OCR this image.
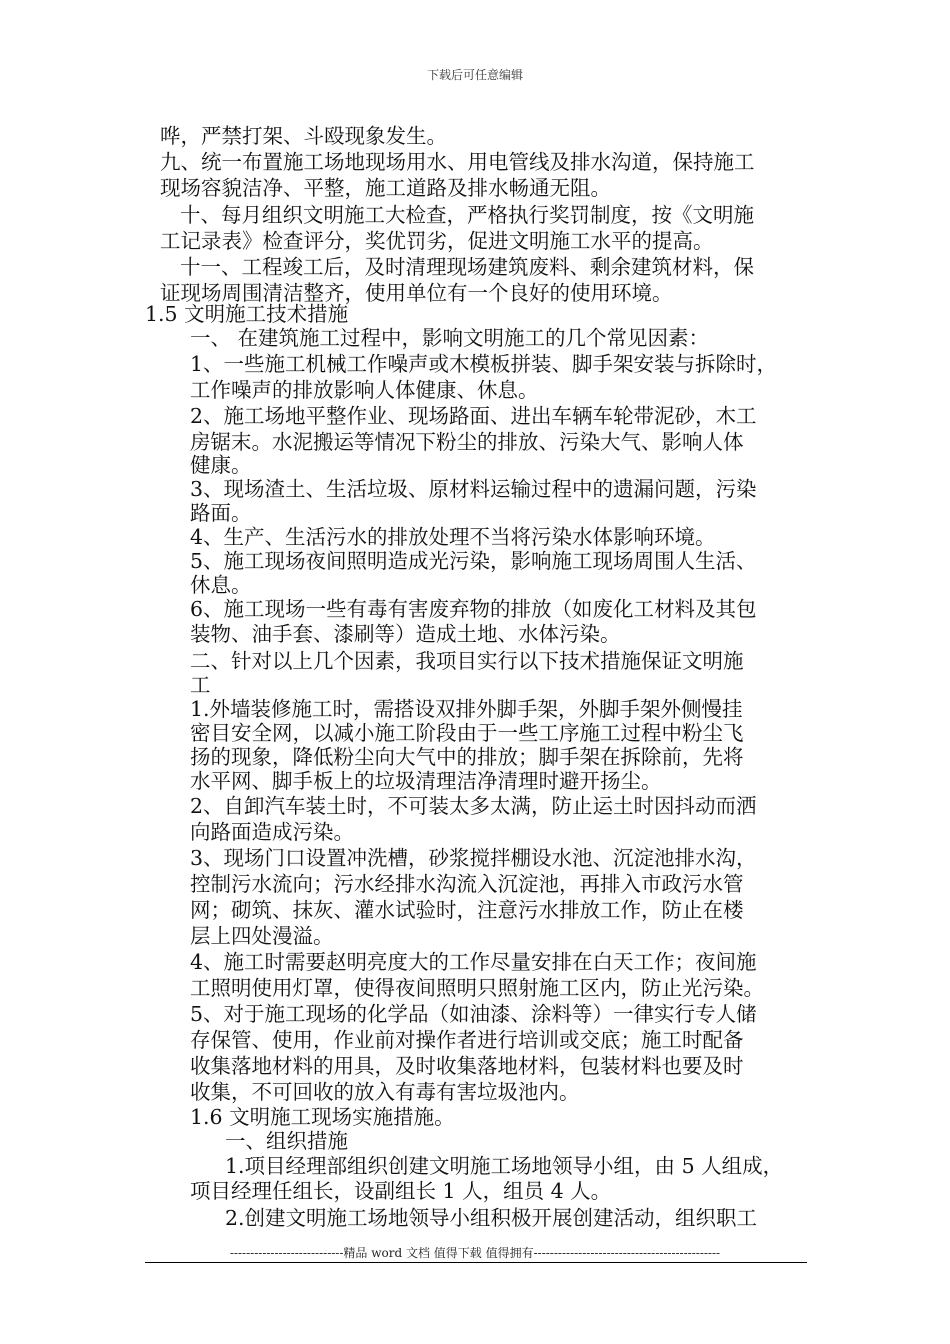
下载后可任意编辑
哗，严禁打架、斗殴现象发生。
九、统一布置施工场地现场用水、用电管线及排水沟道，保持施工
现场容貌洁净、平整，施工道路及排水畅通无阻。
十、每月组织文明施工大检查，严格执行奖罚制度，按《文明施
工记录表》检查评分，奖优罚劣，促进文明施工水平的提高。
十一、工程竣工后，及时清理现场建筑废料、剩余建筑材料，保
证现场周围清洁整齐，使用单位有一个良好的使用环境。
1.5 文明施工技术措施
一、 在建筑施工过程中，影响文明施工的几个常见因素：
1、一些施工机械工作噪声或木模板拼装、脚手架安装与拆除时，
工作噪声的排放影响人体健康、休息。
2、施工场地平整作业、现场路面、进出车辆车轮带泥砂，木工
房锯末。水泥搬运等情况下粉尘的排放、污染大气、影响人体
健康。
3、现场渣土、生活垃圾、原材料运输过程中的遗漏问题，污染
路面。
4、生产、生活污水的排放处理不当将污染水体影响环境。
5、施工现场夜间照明造成光污染，影响施工现场周围人生活、
休息。
6、施工现场一些有毒有害废弃物的排放（如废化工材料及其包
装物、油手套、漆刷等）造成土地、水体污染。
二、针对以上几个因素，我项目实行以下技术措施保证文明施
工
1.外墙装修施工时，需搭设双排外脚手架，外脚手架外侧慢挂
密目安全网，以减小施工阶段由于一些工序施工过程中粉尘飞
扬的现象，降低粉尘向大气中的排放；脚手架在拆除前，先将
水平网、脚手板上的垃圾清理洁净清理时避开扬尘。
2、自卸汽车装土时，不可装太多太满，防止运土时因抖动而洒
向路面造成污染。
3、现场门口设置冲洗槽，砂浆搅拌棚设水池、沉淀池排水沟，
控制污水流向；污水经排水沟流入沉淀池，再排入市政污水管
网；砌筑、抹灰、灌水试验时，注意污水排放工作，防止在楼
层上四处漫溢。
4、施工时需要赵明亮度大的工作尽量安排在白天工作；夜间施
工照明使用灯罩，使得夜间照明只照射施工区内，防止光污染。
5、对于施工现场的化学品（如油漆、涂料等）一律实行专人储
存保管、使用，作业前对操作者进行培训或交底；施工时配备
收集落地材料的用具，及时收集落地材料，包装材料也要及时
收集，不可回收的放入有毒有害垃圾池内。
1.6 文明施工现场实施措施。
一、组织措施
1.项目经理部组织创建文明施工场地领导小组，由 5 人组成，
项目经理任组长，设副组长 1 人，组员 4 人。
2.创建文明施工场地领导小组积极开展创建活动，组织职工
----------------------------精品 word 文档 值得下载 值得拥有----------------------------------------------
